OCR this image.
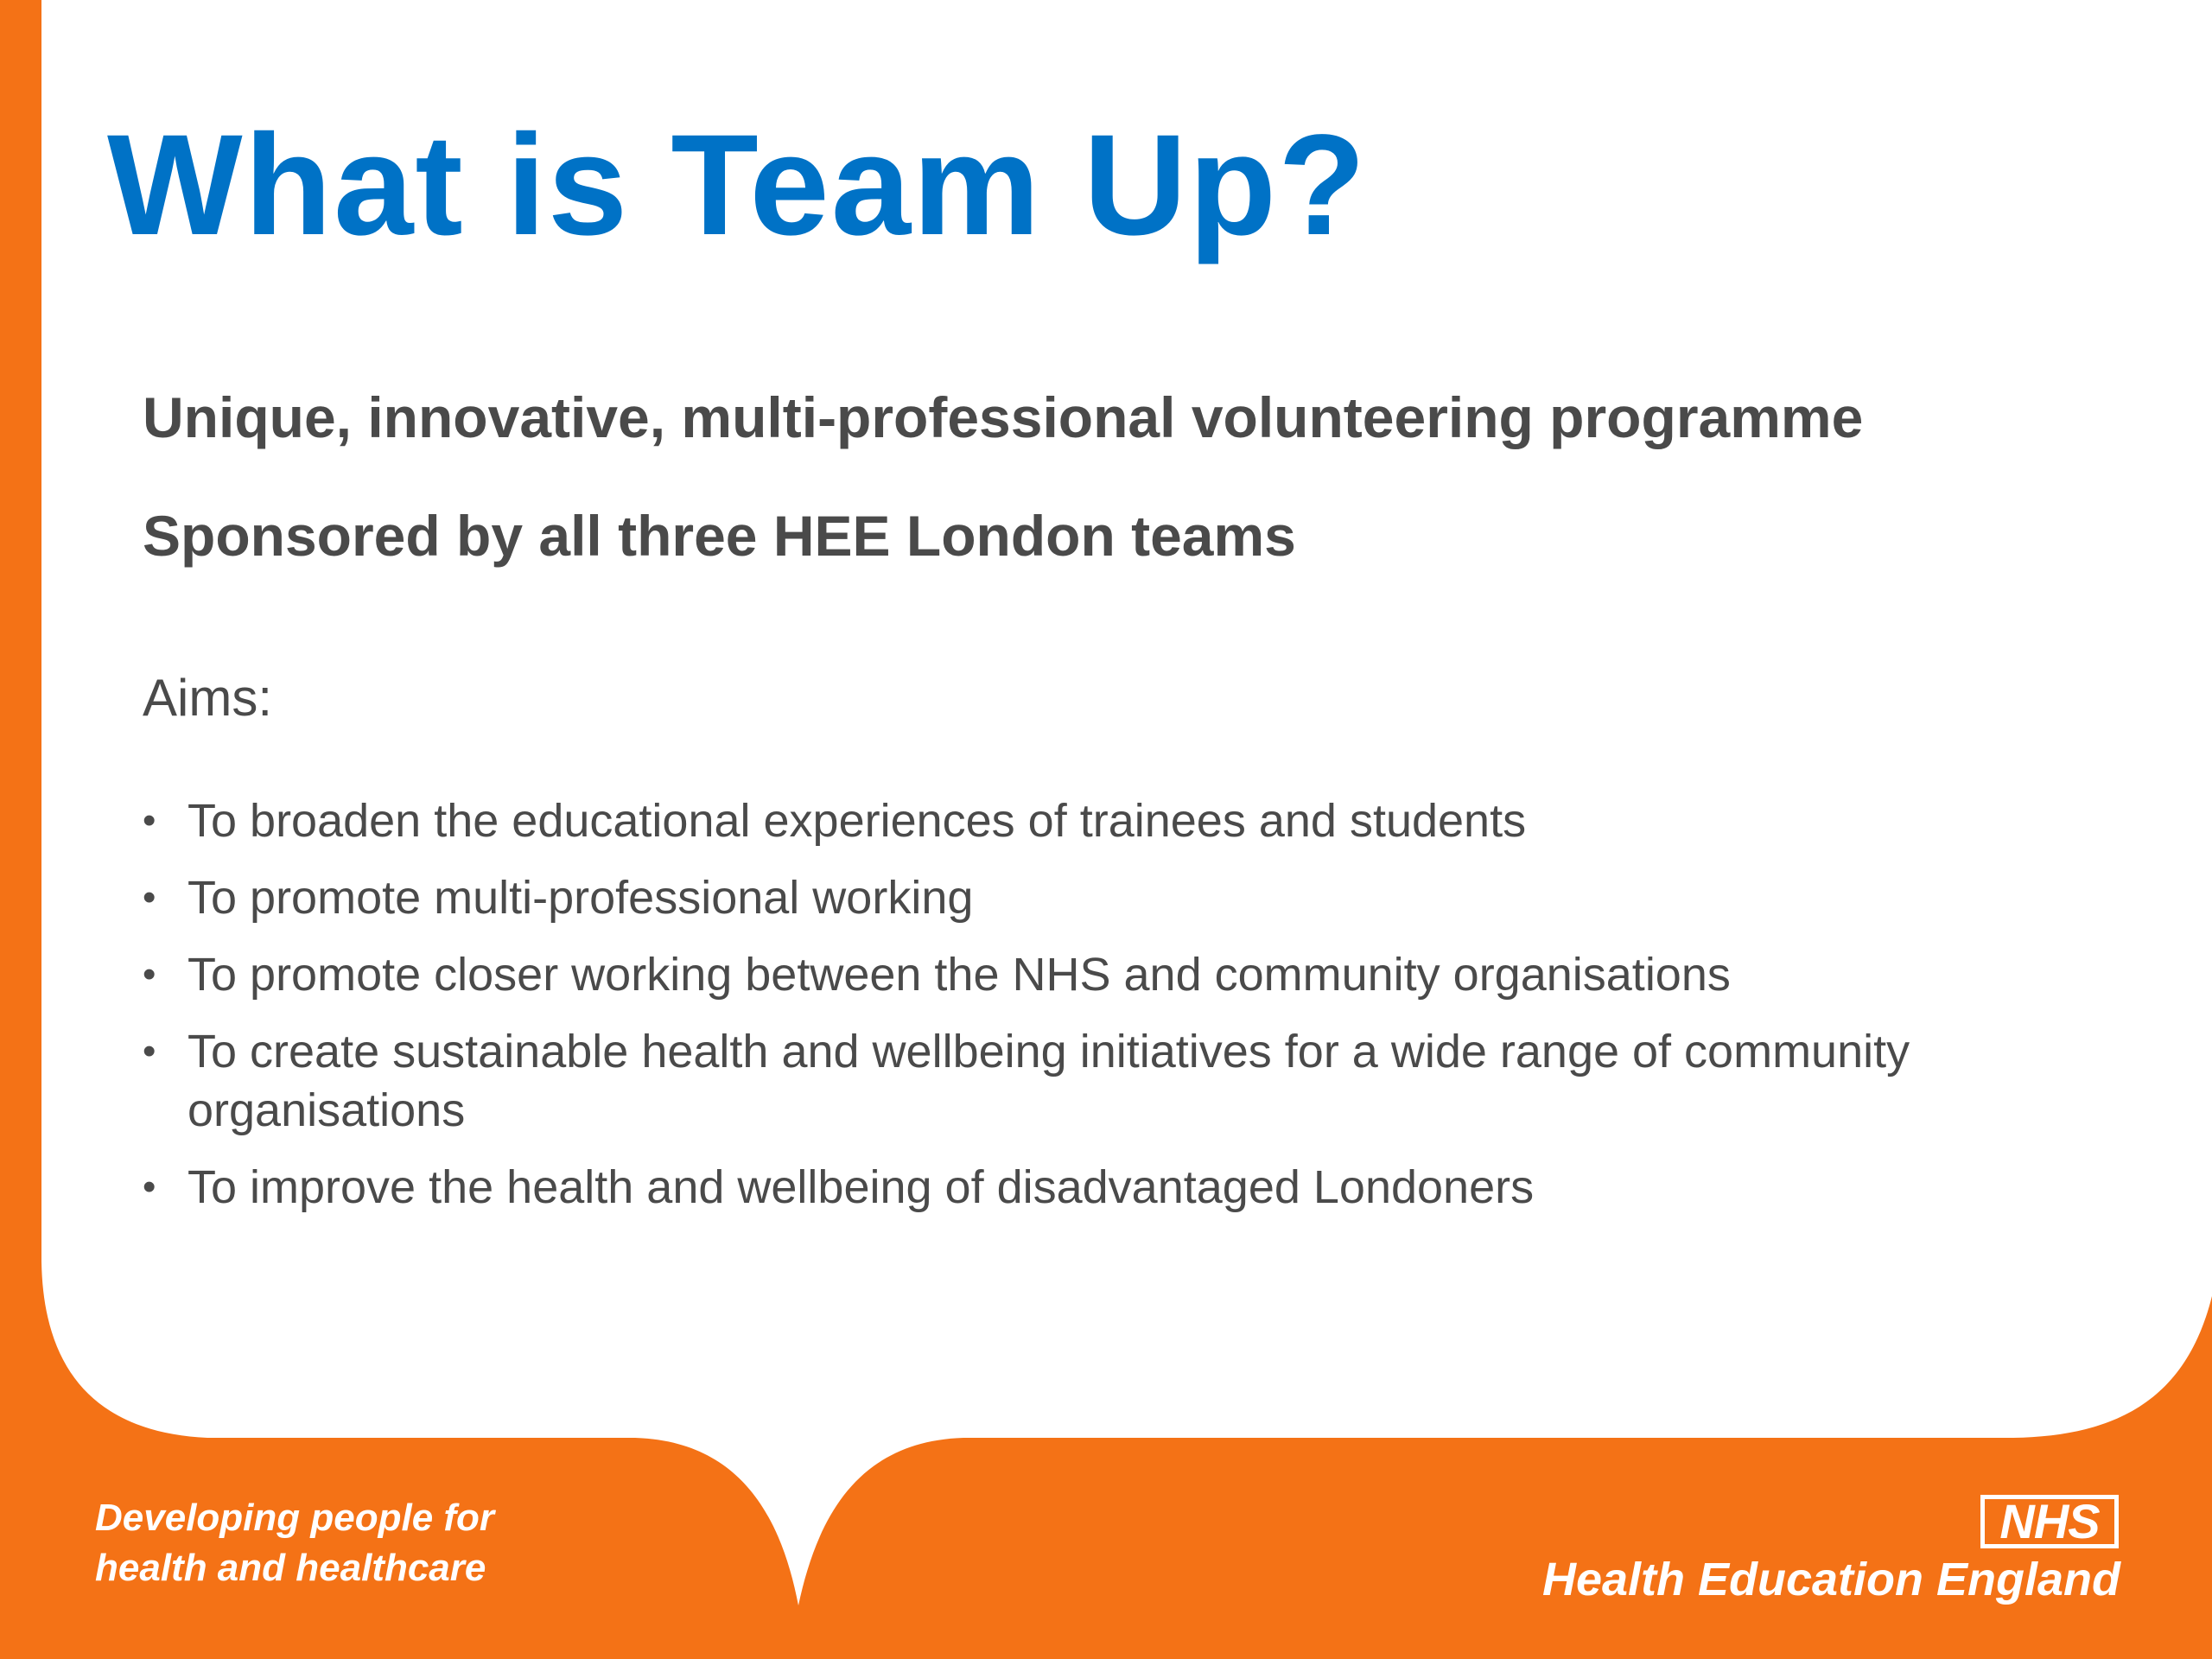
What is Team Up?

Unique, innovative, multi-professional volunteering programme

Sponsored by all three HEE London teams

Aims:

• To broaden the educational experiences of trainees and students
• To promote multi-professional working
• To promote closer working between the NHS and community organisations
• To create sustainable health and wellbeing initiatives for a wide range of community organisations
• To improve the health and wellbeing of disadvantaged Londoners
Developing people for
health and healthcare
NHS

Health Education England
